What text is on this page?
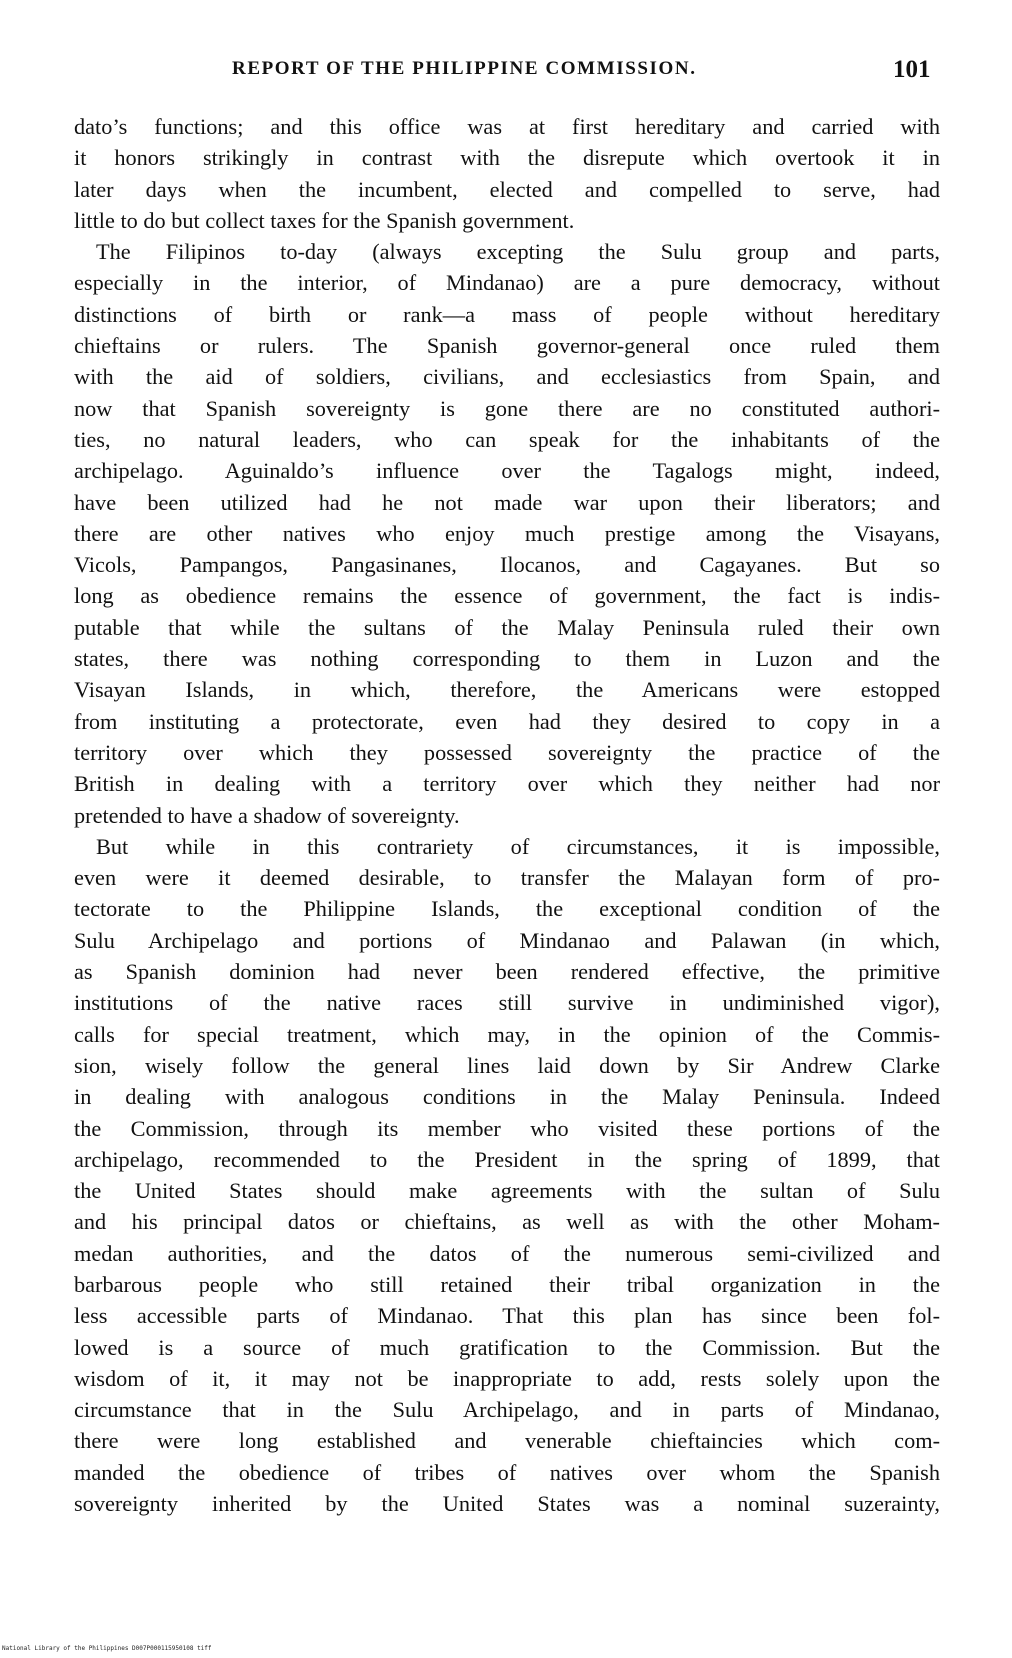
REPORT OF THE PHILIPPINE COMMISSION.	101
dato’s functions; and this office was at first hereditary and carried with
it honors strikingly in contrast with the disrepute which overtook it in
later days when the incumbent, elected and compelled to serve, had
little to do but collect taxes for the Spanish government.
The Filipinos to-day (always excepting the Sulu group and parts,
especially in the interior, of Mindanao) are a pure democracy, without
distinctions of birth or rank—a mass of people without hereditary
chieftains or rulers. The Spanish governor-general once ruled them
with the aid of soldiers, civilians, and ecclesiastics from Spain, and
now that Spanish sovereignty is gone there are no constituted authori-
ties, no natural leaders, who can speak for the inhabitants of the
archipelago. Aguinaldo’s influence over the Tagalogs might, indeed,
have been utilized had he not made war upon their liberators; and
there are other natives who enjoy much prestige among the Visayans,
Vicols, Pampangos, Pangasinanes, Ilocanos, and Cagayanes. But so
long as obedience remains the essence of government, the fact is indis-
putable that while the sultans of the Malay Peninsula ruled their own
states, there was nothing corresponding to them in Luzon and the
Visayan Islands, in which, therefore, the Americans were estopped
from instituting a protectorate, even had they desired to copy in a
territory over which they possessed sovereignty the practice of the
British in dealing with a territory over which they neither had nor
pretended to have a shadow of sovereignty.
But while in this contrariety of circumstances, it is impossible,
even were it deemed desirable, to transfer the Malayan form of pro-
tectorate to the Philippine Islands, the exceptional condition of the
Sulu Archipelago and portions of Mindanao and Palawan (in which,
as Spanish dominion had never been rendered effective, the primitive
institutions of the native races still survive in undiminished vigor),
calls for special treatment, which may, in the opinion of the Commis-
sion, wisely follow the general lines laid down by Sir Andrew Clarke
in dealing with analogous conditions in the Malay Peninsula. Indeed
the Commission, through its member who visited these portions of the
archipelago, recommended to the President in the spring of 1899, that
the United States should make agreements with the sultan of Sulu
and his principal datos or chieftains, as well as with the other Moham-
medan authorities, and the datos of the numerous semi-civilized and
barbarous people who still retained their tribal organization in the
less accessible parts of Mindanao. That this plan has since been fol-
lowed is a source of much gratification to the Commission. But the
wisdom of it, it may not be inappropriate to add, rests solely upon the
circumstance that in the Sulu Archipelago, and in parts of Mindanao,
there were long established and venerable chieftaincies which com-
manded the obedience of tribes of natives over whom the Spanish
sovereignty inherited by the United States was a nominal suzerainty,
National Library of the Philippines D007P000115950108 tiff
